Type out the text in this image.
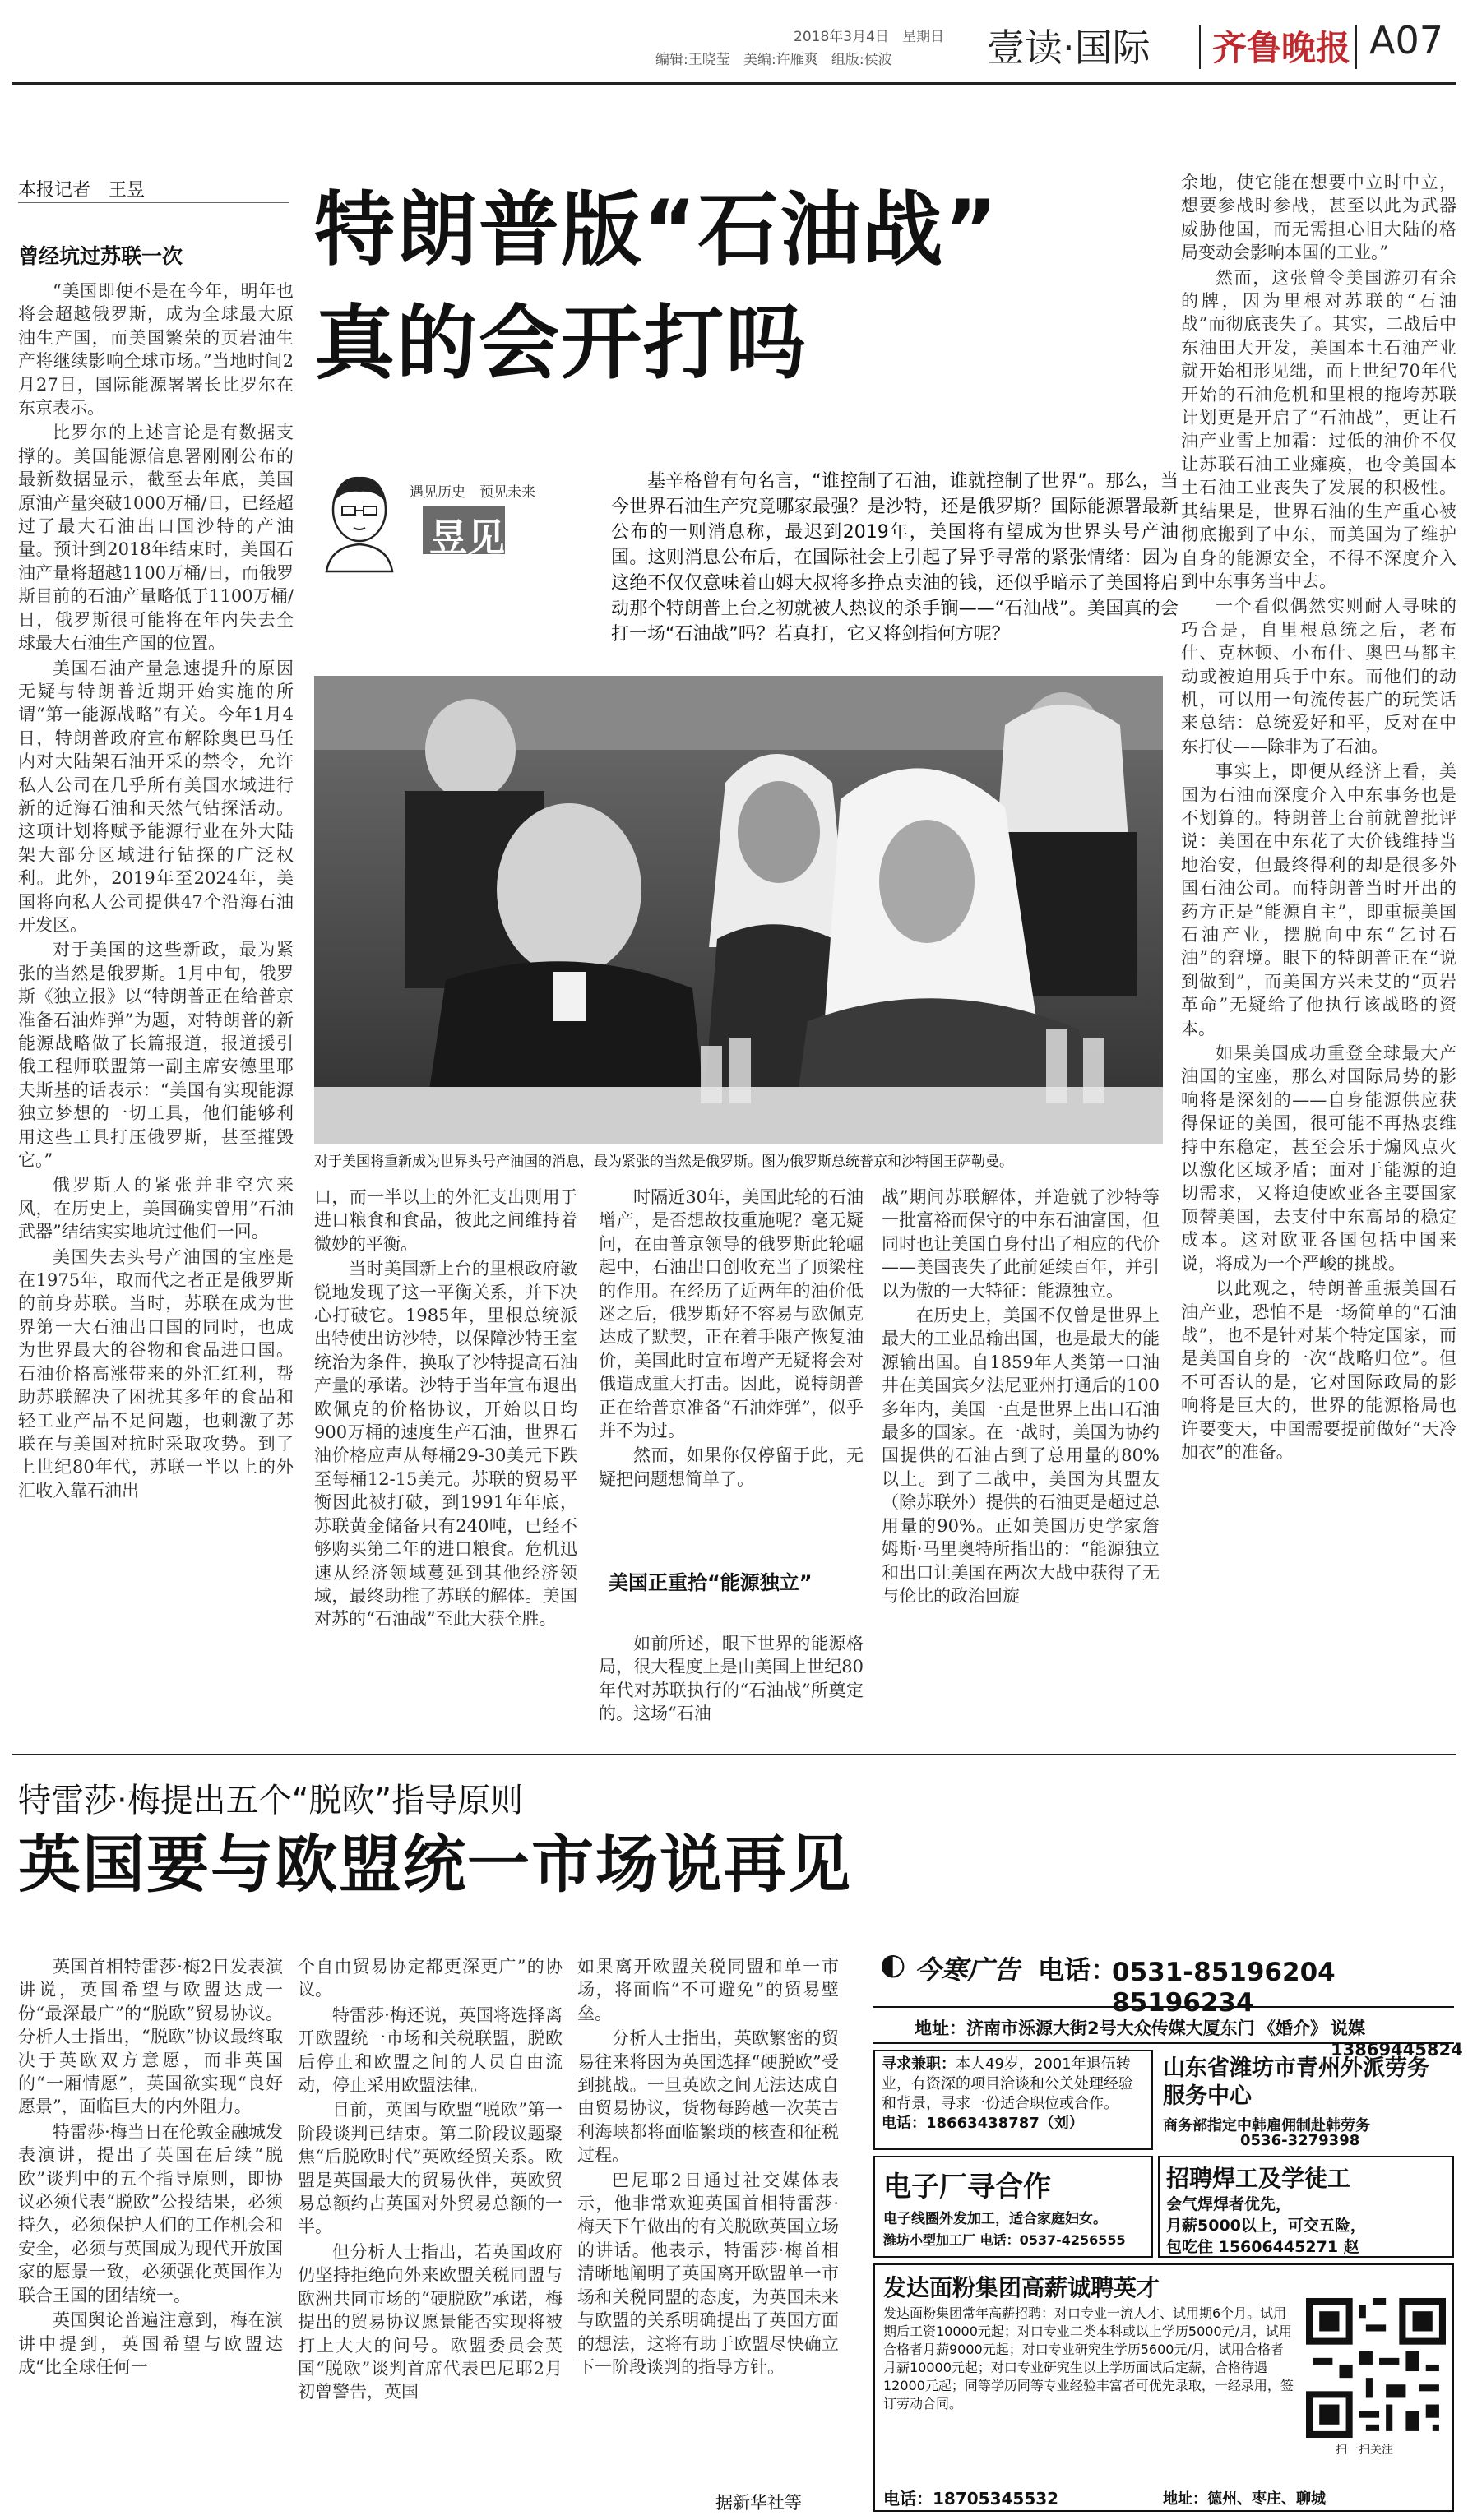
2018年3月4日 星期日
编辑:王晓莹 美编:许雁爽 组版:侯波	壹读·国际 齐鲁晚报 A07
本报记者　王昱
曾经坑过苏联一次 特朗普版“石油战”
真的会开打吗
遇见历史　预见未来
昱见
基辛格曾有句名言，“谁控制了石油，谁就控制了世界”。那么，当今世界石油生产究竟哪家最强？是沙特，还是俄罗斯？国际能源署最新公布的一则消息称，最迟到2019年，美国将有望成为世界头号产油国。这则消息公布后，在国际社会上引起了异乎寻常的紧张情绪：因为这绝不仅仅意味着山姆大叔将多挣点卖油的钱，还似乎暗示了美国将启动那个特朗普上台之初就被人热议的杀手锏——“石油战”。美国真的会打一场“石油战”吗？若真打，它又将剑指何方呢？
对于美国将重新成为世界头号产油国的消息，最为紧张的当然是俄罗斯。图为俄罗斯总统普京和沙特国王萨勒曼。

“美国即便不是在今年，明年也将会超越俄罗斯，成为全球最大原油生产国，而美国繁荣的页岩油生产将继续影响全球市场。”当地时间2月27日，国际能源署署长比罗尔在东京表示。

比罗尔的上述言论是有数据支撑的。美国能源信息署刚刚公布的最新数据显示，截至去年底，美国原油产量突破1000万桶/日，已经超过了最大石油出口国沙特的产油量。预计到2018年结束时，美国石油产量将超越1100万桶/日，而俄罗斯目前的石油产量略低于1100万桶/日，俄罗斯很可能将在年内失去全球最大石油生产国的位置。

美国石油产量急速提升的原因无疑与特朗普近期开始实施的所谓“第一能源战略”有关。今年1月4日，特朗普政府宣布解除奥巴马任内对大陆架石油开采的禁令，允许私人公司在几乎所有美国水域进行新的近海石油和天然气钻探活动。这项计划将赋予能源行业在外大陆架大部分区域进行钻探的广泛权利。此外，2019年至2024年，美国将向私人公司提供47个沿海石油开发区。

对于美国的这些新政，最为紧张的当然是俄罗斯。1月中旬，俄罗斯《独立报》以“特朗普正在给普京准备石油炸弹”为题，对特朗普的新能源战略做了长篇报道，报道援引俄工程师联盟第一副主席安德里耶夫斯基的话表示：“美国有实现能源独立梦想的一切工具，他们能够利用这些工具打压俄罗斯，甚至摧毁它。”

俄罗斯人的紧张并非空穴来风，在历史上，美国确实曾用“石油武器”结结实实地坑过他们一回。

美国失去头号产油国的宝座是在1975年，取而代之者正是俄罗斯的前身苏联。当时，苏联在成为世界第一大石油出口国的同时，也成为世界最大的谷物和食品进口国。石油价格高涨带来的外汇红利，帮助苏联解决了困扰其多年的食品和轻工业产品不足问题，也刺激了苏联在与美国对抗时采取攻势。到了上世纪80年代，苏联一半以上的外汇收入靠石油出

口，而一半以上的外汇支出则用于进口粮食和食品，彼此之间维持着微妙的平衡。

当时美国新上台的里根政府敏锐地发现了这一平衡关系，并下决心打破它。1985年，里根总统派出特使出访沙特，以保障沙特王室统治为条件，换取了沙特提高石油产量的承诺。沙特于当年宣布退出欧佩克的价格协议，开始以日均900万桶的速度生产石油，世界石油价格应声从每桶29-30美元下跌至每桶12-15美元。苏联的贸易平衡因此被打破，到1991年年底，苏联黄金储备只有240吨，已经不够购买第二年的进口粮食。危机迅速从经济领域蔓延到其他经济领域，最终助推了苏联的解体。美国对苏的“石油战”至此大获全胜。

时隔近30年，美国此轮的石油增产，是否想故技重施呢？毫无疑问，在由普京领导的俄罗斯此轮崛起中，石油出口创收充当了顶梁柱的作用。在经历了近两年的油价低迷之后，俄罗斯好不容易与欧佩克达成了默契，正在着手限产恢复油价，美国此时宣布增产无疑将会对俄造成重大打击。因此，说特朗普正在给普京准备“石油炸弹”，似乎并不为过。

然而，如果你仅停留于此，无疑把问题想简单了。

美国正重拾“能源独立”

如前所述，眼下世界的能源格局，很大程度上是由美国上世纪80年代对苏联执行的“石油战”所奠定的。这场“石油

战”期间苏联解体，并造就了沙特等一批富裕而保守的中东石油富国，但同时也让美国自身付出了相应的代价——美国丧失了此前延续百年，并引以为傲的一大特征：能源独立。

在历史上，美国不仅曾是世界上最大的工业品输出国，也是最大的能源输出国。自1859年人类第一口油井在美国宾夕法尼亚州打通后的100多年内，美国一直是世界上出口石油最多的国家。在一战时，美国为协约国提供的石油占到了总用量的80%以上。到了二战中，美国为其盟友（除苏联外）提供的石油更是超过总用量的90%。正如美国历史学家詹姆斯·马里奥特所指出的：“能源独立和出口让美国在两次大战中获得了无与伦比的政治回旋

余地，使它能在想要中立时中立，想要参战时参战，甚至以此为武器威胁他国，而无需担心旧大陆的格局变动会影响本国的工业。”

然而，这张曾令美国游刃有余的牌，因为里根对苏联的“石油战”而彻底丧失了。其实，二战后中东油田大开发，美国本土石油产业就开始相形见绌，而上世纪70年代开始的石油危机和里根的拖垮苏联计划更是开启了“石油战”，更让石油产业雪上加霜：过低的油价不仅让苏联石油工业瘫痪，也令美国本土石油工业丧失了发展的积极性。其结果是，世界石油的生产重心被彻底搬到了中东，而美国为了维护自身的能源安全，不得不深度介入到中东事务当中去。

一个看似偶然实则耐人寻味的巧合是，自里根总统之后，老布什、克林顿、小布什、奥巴马都主动或被迫用兵于中东。而他们的动机，可以用一句流传甚广的玩笑话来总结：总统爱好和平，反对在中东打仗——除非为了石油。

事实上，即便从经济上看，美国为石油而深度介入中东事务也是不划算的。特朗普上台前就曾批评说：美国在中东花了大价钱维持当地治安，但最终得利的却是很多外国石油公司。而特朗普当时开出的药方正是“能源自主”，即重振美国石油产业，摆脱向中东“乞讨石油”的窘境。眼下的特朗普正在“说到做到”，而美国方兴未艾的“页岩革命”无疑给了他执行该战略的资本。

如果美国成功重登全球最大产油国的宝座，那么对国际局势的影响将是深刻的——自身能源供应获得保证的美国，很可能不再热衷维持中东稳定，甚至会乐于煽风点火以激化区域矛盾；面对于能源的迫切需求，又将迫使欧亚各主要国家顶替美国，去支付中东高昂的稳定成本。这对欧亚各国包括中国来说，将成为一个严峻的挑战。

以此观之，特朗普重振美国石油产业，恐怕不是一场简单的“石油战”，也不是针对某个特定国家，而是美国自身的一次“战略归位”。但不可否认的是，它对国际政局的影响将是巨大的，世界的能源格局也许要变天，中国需要提前做好“天冷加衣”的准备。

特雷莎·梅提出五个“脱欧”指导原则
英国要与欧盟统一市场说再见

英国首相特雷莎·梅2日发表演讲说，英国希望与欧盟达成一份“最深最广”的“脱欧”贸易协议。分析人士指出，“脱欧”协议最终取决于英欧双方意愿，而非英国的“一厢情愿”，英国欲实现“良好愿景”，面临巨大的内外阻力。

特雷莎·梅当日在伦敦金融城发表演讲，提出了英国在后续“脱欧”谈判中的五个指导原则，即协议必须代表“脱欧”公投结果，必须持久，必须保护人们的工作机会和安全，必须与英国成为现代开放国家的愿景一致，必须强化英国作为联合王国的团结统一。

英国舆论普遍注意到，梅在演讲中提到，英国希望与欧盟达成“比全球任何一

个自由贸易协定都更深更广”的协议。

特雷莎·梅还说，英国将选择离开欧盟统一市场和关税联盟，脱欧后停止和欧盟之间的人员自由流动，停止采用欧盟法律。

目前，英国与欧盟“脱欧”第一阶段谈判已结束。第二阶段议题聚焦“后脱欧时代”英欧经贸关系。欧盟是英国最大的贸易伙伴，英欧贸易总额约占英国对外贸易总额的一半。

但分析人士指出，若英国政府仍坚持拒绝向外来欧盟关税同盟与欧洲共同市场的“硬脱欧”承诺，梅提出的贸易协议愿景能否实现将被打上大大的问号。欧盟委员会英国“脱欧”谈判首席代表巴尼耶2月初曾警告，英国

如果离开欧盟关税同盟和单一市场，将面临“不可避免”的贸易壁垒。

分析人士指出，英欧繁密的贸易往来将因为英国选择“硬脱欧”受到挑战。一旦英欧之间无法达成自由贸易协议，货物每跨越一次英吉利海峡都将面临繁琐的核查和征税过程。

巴尼耶2日通过社交媒体表示，他非常欢迎英国首相特雷莎·梅天下午做出的有关脱欧英国立场的讲话。他表示，特雷莎·梅首相清晰地阐明了英国离开欧盟单一市场和关税同盟的态度，为英国未来与欧盟的关系明确提出了英国方面的想法，这将有助于欧盟尽快确立下一阶段谈判的指导方针。

据新华社等
◐ 今寒广告 电话：
0531-85196204　85196234
地址：济南市泺源大街2号大众传媒大厦东门 《婚介》 说媒13869445824
寻求兼职：本人49岁，2001年退伍转业，有资深的项目洽谈和公关处理经验和背景，寻求一份适合职位或合作。
电话：18663438787（刘）
山东省潍坊市青州外派劳务服务中心
商务部指定中韩雇佣制赴韩劳务
0536-3279398
电子厂寻合作
电子线圈外发加工，适合家庭妇女。
潍坊小型加工厂 电话：0537-4256555
招聘焊工及学徒工
会气焊焊者优先，
月薪5000以上，可交五险，
包吃住 15606445271 赵
发达面粉集团高薪诚聘英才
发达面粉集团常年高薪招聘：对口专业一流人才、试用期6个月。试用期后工资10000元起；对口专业二类本科或以上学历5000元/月，试用合格者月薪9000元起；对口专业研究生学历5600元/月，试用合格者月薪10000元起；对口专业研究生以上学历面试后定薪，合格待遇12000元起；同等学历同等专业经验丰富者可优先录取，一经录用，签订劳动合同。
电话：18705345532	地址：德州、枣庄、聊城
扫一扫关注
